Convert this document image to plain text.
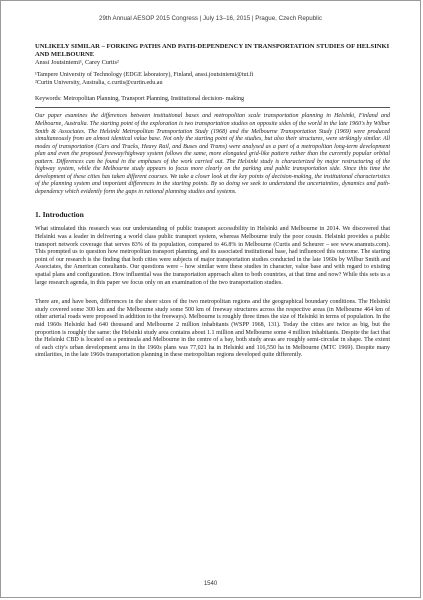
29th Annual AESOP 2015 Congress | July 13–16, 2015 | Prague, Czech Republic

UNLIKELY SIMILAR – FORKING PATHS AND PATH-DEPENDENCY IN TRANSPORTATION STUDIES OF HELSINKI AND MELBOURNE

Anssi Joutsiniemi¹, Carey Curtis²

¹Tampere University of Technology (EDGE laboratory), Finland, anssi.joutsiniemi@tut.fi

²Curtin University, Australia, c.curtis@curtin.edu.au

Keywords: Metropolitan Planning, Transport Planning, Institutional decision- making

Our paper examines the differences between institutional bases and metropolitan scale transportation planning in Helsinki, Finland and Melbourne, Australia. The starting point of the exploration is two transportation studies on opposite sides of the world in the late 1960's by Wilbur Smith & Associates. The Helsinki Metropolitan Transportation Study (1968) and the Melbourne Transportation Study (1969) were produced simultaneously from an almost identical value base. Not only the starting point of the studies, but also their structures, were strikingly similar. All modes of transportation (Cars and Trucks, Heavy Rail, and Buses and Trams) were analysed as a part of a metropolitan long-term development plan and even the proposed freeway/highway system follows the same, more elongated grid-like pattern rather than the currently popular orbital pattern. Differences can be found in the emphases of the work carried out. The Helsinki study is characterized by major restructuring of the highway system, while the Melbourne study appears to focus more clearly on the parking and public transportation side. Since this time the development of these cities has taken different courses. We take a closer look at the key points of decision-making, the institutional characteristics of the planning system and important differences in the starting points. By so doing we seek to understand the uncertainties, dynamics and path-dependency which evidently form the gaps in rational planning studies and systems.

1. Introduction

What stimulated this research was our understanding of public transport accessibility in Helsinki and Melbourne in 2014. We discovered that Helsinki was a leader in delivering a world class public transport system, whereas Melbourne truly the poor cousin. Helsinki provides a public transport network coverage that serves 83% of its population, compared to 46.8% in Melbourne (Curtis and Scheurer – see www.snamuts.com). This prompted us to question how metropolitan transport planning, and its associated institutional base, had influenced this outcome. The starting point of our research is the finding that both cities were subjects of major transportation studies conducted in the late 1960s by Wilbur Smith and Associates, the American consultants. Our questions were – how similar were these studies in character, value base and with regard to existing spatial plans and configuration. How influential was the transportation approach alien to both countries, at that time and now? While this sets us a large research agenda, in this paper we focus only on an examination of the two transportation studies.

There are, and have been, differences in the sheer sizes of the two metropolitan regions and the geographical boundary conditions. The Helsinki study covered some 300 km and the Melbourne study some 500 km of freeway structures across the respective areas (in Melbourne 464 km of other arterial roads were proposed in addition to the freeways). Melbourne is roughly three times the size of Helsinki in terms of population. In the mid 1960s Helsinki had 640 thousand and Melbourne 2 million inhabitants (WSPP 1968, 131). Today the cities are twice as big, but the proportion is roughly the same: the Helsinki study area contains about 1.1 million and Melbourne some 4 million inhabitants. Despite the fact that the Helsinki CBD is located on a peninsula and Melbourne in the centre of a bay, both study areas are roughly semi-circular in shape. The extent of each city's urban development area in the 1960s plans was 77,021 ha in Helsinki and 116,550 ha in Melbourne (MTC 1969). Despite many similarities, in the late 1960s transportation planning in these metropolitan regions developed quite differently.

1540
